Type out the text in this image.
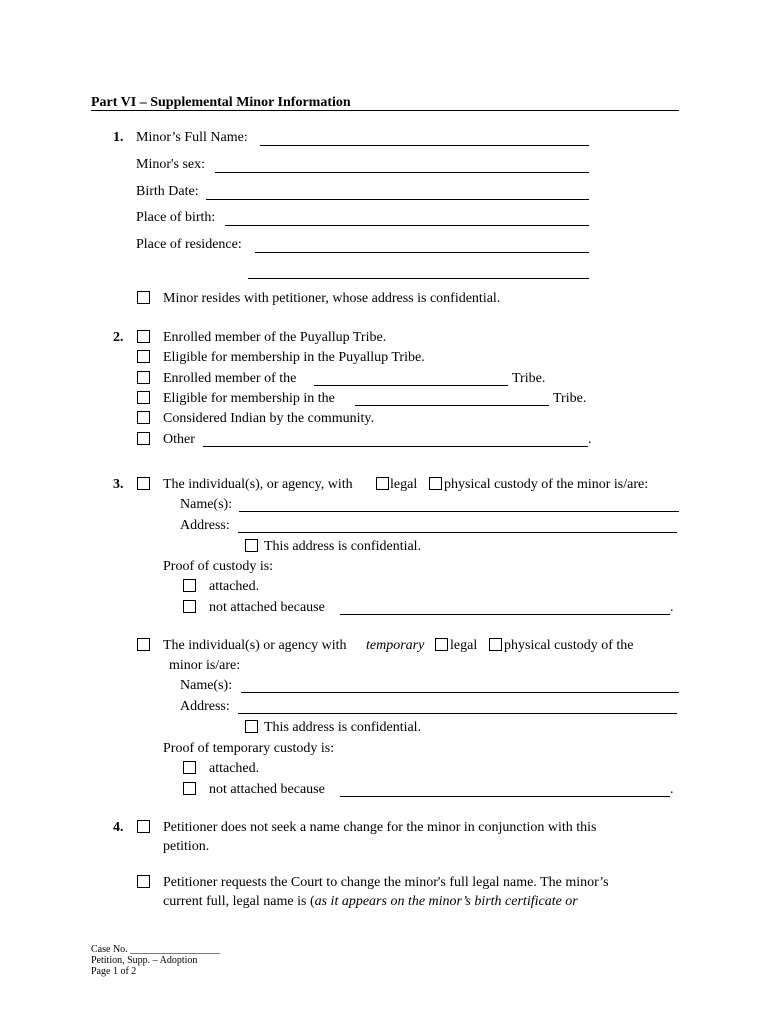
Part VI – Supplemental Minor Information
1. Minor’s Full Name:
Minor's sex:
Birth Date:
Place of birth:
Place of residence:
Minor resides with petitioner, whose address is confidential.
2.	Enrolled member of the Puyallup Tribe.
Eligible for membership in the Puyallup Tribe.
Enrolled member of the	Tribe.
Eligible for membership in the	Tribe.
Considered Indian by the community.
Other	.
3.	The individual(s), or agency, with	legal physical custody of the minor is/are:
Name(s):
Address:
This address is confidential.
Proof of custody is:
attached.
not attached because	.
The individual(s) or agency with temporary legal physical custody of the
minor is/are:
Name(s):
Address:
This address is confidential.
Proof of temporary custody is:
attached.
not attached because	.
4.	Petitioner does not seek a name change for the minor in conjunction with this
petition.
Petitioner requests the Court to change the minor's full legal name. The minor’s
current full, legal name is (as it appears on the minor’s birth certificate or
Case No. __________________
Petition, Supp. – Adoption
Page 1 of 2
